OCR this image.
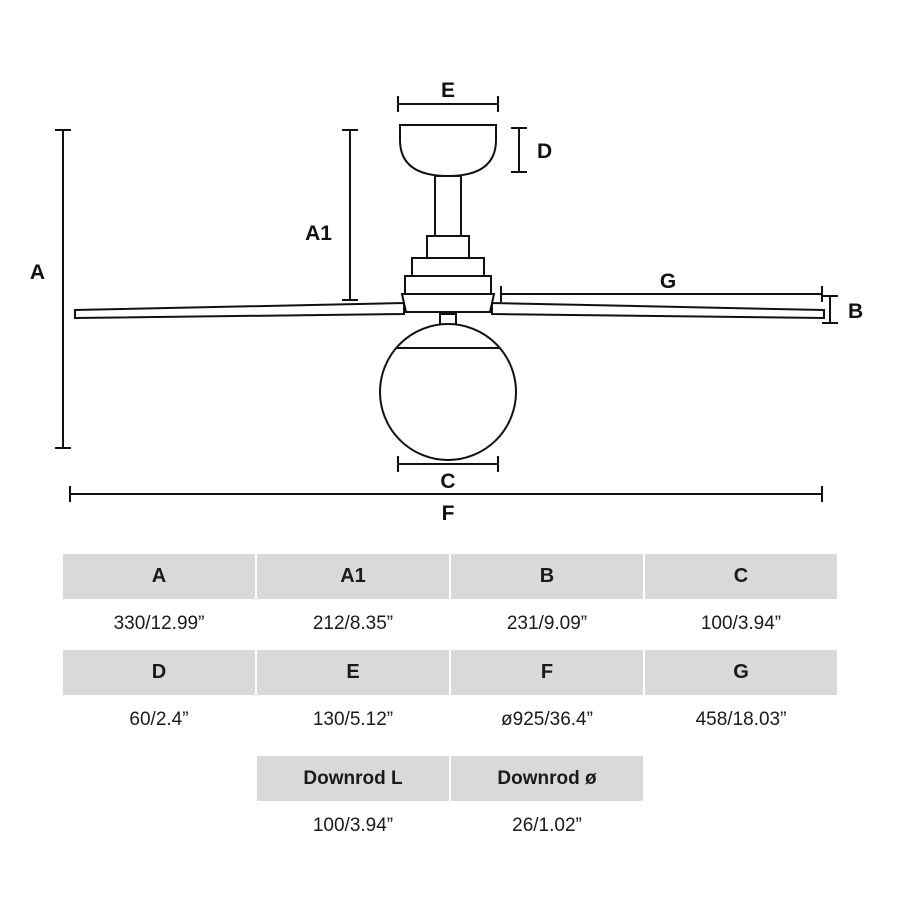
E
D
A1
A	G
B
C
F
A	A1	B	C
330/12.99”	212/8.35”	231/9.09”	100/3.94”
D	E	F	G
60/2.4”	130/5.12”	ø925/36.4”	458/18.03”
Downrod L	Downrod ø
100/3.94”	26/1.02”
